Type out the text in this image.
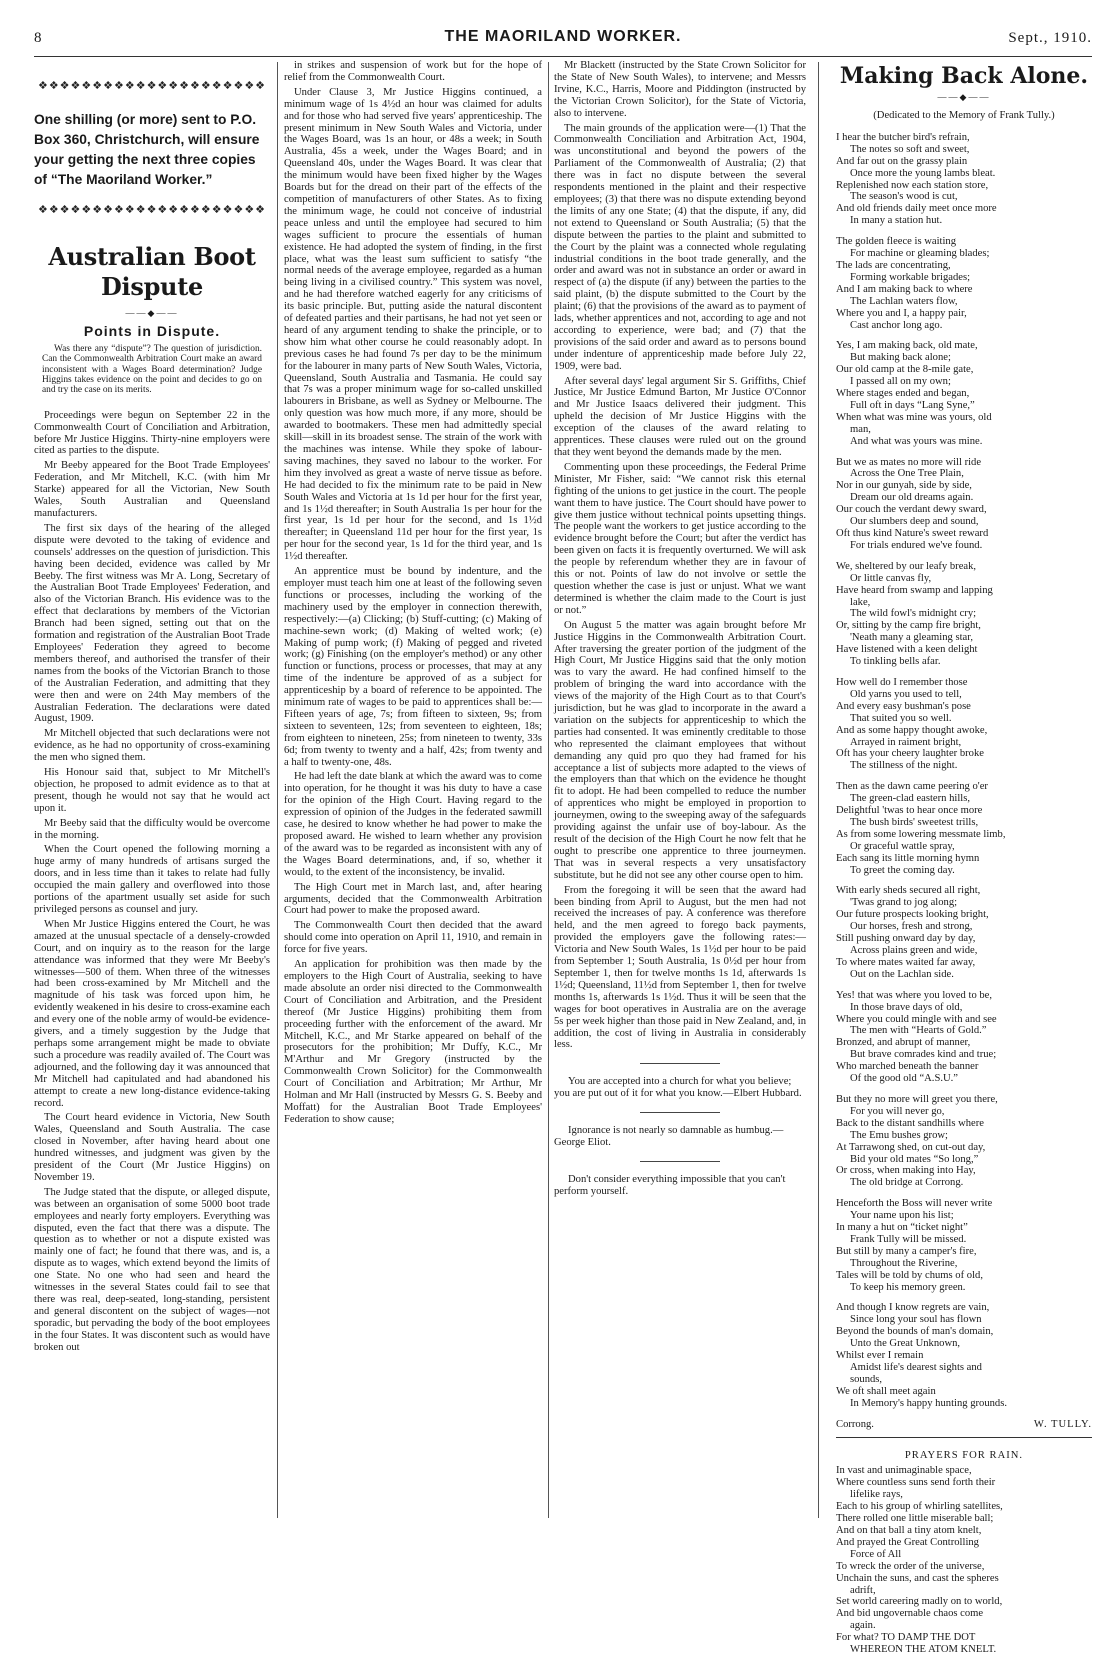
8	THE MAORILAND WORKER.	Sept., 1910.
❖❖❖❖❖❖❖❖❖❖❖❖❖❖❖❖❖❖❖❖❖
One shilling (or more) sent to P.O. Box 360, Christchurch, will ensure your getting the next three copies of “The Maoriland Worker.”
❖❖❖❖❖❖❖❖❖❖❖❖❖❖❖❖❖❖❖❖❖
Australian Boot Dispute
——◆——
Points in Dispute.

Was there any “dispute”? The question of jurisdiction. Can the Commonwealth Arbitration Court make an award inconsistent with a Wages Board determination? Judge Higgins takes evidence on the point and decides to go on and try the case on its merits.

Proceedings were begun on September 22 in the Commonwealth Court of Conciliation and Arbitration, before Mr Justice Higgins. Thirty-nine employers were cited as parties to the dispute.

Mr Beeby appeared for the Boot Trade Employees' Federation, and Mr Mitchell, K.C. (with him Mr Starke) appeared for all the Victorian, New South Wales, South Australian and Queensland manufacturers.

The first six days of the hearing of the alleged dispute were devoted to the taking of evidence and counsels' addresses on the question of jurisdiction. This having been decided, evidence was called by Mr Beeby. The first witness was Mr A. Long, Secretary of the Australian Boot Trade Employees' Federation, and also of the Victorian Branch. His evidence was to the effect that declarations by members of the Victorian Branch had been signed, setting out that on the formation and registration of the Australian Boot Trade Employees' Federation they agreed to become members thereof, and authorised the transfer of their names from the books of the Victorian Branch to those of the Australian Federation, and admitting that they were then and were on 24th May members of the Australian Federation. The declarations were dated August, 1909.

Mr Mitchell objected that such declarations were not evidence, as he had no opportunity of cross-examining the men who signed them.

His Honour said that, subject to Mr Mitchell's objection, he proposed to admit evidence as to that at present, though he would not say that he would act upon it.

Mr Beeby said that the difficulty would be overcome in the morning.

When the Court opened the following morning a huge army of many hundreds of artisans surged the doors, and in less time than it takes to relate had fully occupied the main gallery and overflowed into those portions of the apartment usually set aside for such privileged persons as counsel and jury.

When Mr Justice Higgins entered the Court, he was amazed at the unusual spectacle of a densely-crowded Court, and on inquiry as to the reason for the large attendance was informed that they were Mr Beeby's witnesses—500 of them. When three of the witnesses had been cross-examined by Mr Mitchell and the magnitude of his task was forced upon him, he evidently weakened in his desire to cross-examine each and every one of the noble army of would-be evidence-givers, and a timely suggestion by the Judge that perhaps some arrangement might be made to obviate such a procedure was readily availed of. The Court was adjourned, and the following day it was announced that Mr Mitchell had capitulated and had abandoned his attempt to create a new long-distance evidence-taking record.

The Court heard evidence in Victoria, New South Wales, Queensland and South Australia. The case closed in November, after having heard about one hundred witnesses, and judgment was given by the president of the Court (Mr Justice Higgins) on November 19.

The Judge stated that the dispute, or alleged dispute, was between an organisation of some 5000 boot trade employees and nearly forty employers. Everything was disputed, even the fact that there was a dispute. The question as to whether or not a dispute existed was mainly one of fact; he found that there was, and is, a dispute as to wages, which extend beyond the limits of one State. No one who had seen and heard the witnesses in the several States could fail to see that there was real, deep-seated, long-standing, persistent and general discontent on the subject of wages—not sporadic, but pervading the body of the boot employees in the four States. It was discontent such as would have broken out

in strikes and suspension of work but for the hope of relief from the Commonwealth Court.

Under Clause 3, Mr Justice Higgins continued, a minimum wage of 1s 4½d an hour was claimed for adults and for those who had served five years' apprenticeship. The present minimum in New South Wales and Victoria, under the Wages Board, was 1s an hour, or 48s a week; in South Australia, 45s a week, under the Wages Board; and in Queensland 40s, under the Wages Board. It was clear that the minimum would have been fixed higher by the Wages Boards but for the dread on their part of the effects of the competition of manufacturers of other States. As to fixing the minimum wage, he could not conceive of industrial peace unless and until the employee had secured to him wages sufficient to procure the essentials of human existence. He had adopted the system of finding, in the first place, what was the least sum sufficient to satisfy “the normal needs of the average employee, regarded as a human being living in a civilised country.” This system was novel, and he had therefore watched eagerly for any criticisms of its basic principle. But, putting aside the natural discontent of defeated parties and their partisans, he had not yet seen or heard of any argument tending to shake the principle, or to show him what other course he could reasonably adopt. In previous cases he had found 7s per day to be the minimum for the labourer in many parts of New South Wales, Victoria, Queensland, South Australia and Tasmania. He could say that 7s was a proper minimum wage for so-called unskilled labourers in Brisbane, as well as Sydney or Melbourne. The only question was how much more, if any more, should be awarded to bootmakers. These men had admittedly special skill—skill in its broadest sense. The strain of the work with the machines was intense. While they spoke of labour-saving machines, they saved no labour to the worker. For him they involved as great a waste of nerve tissue as before. He had decided to fix the minimum rate to be paid in New South Wales and Victoria at 1s 1d per hour for the first year, and 1s 1½d thereafter; in South Australia 1s per hour for the first year, 1s 1d per hour for the second, and 1s 1½d thereafter; in Queensland 11d per hour for the first year, 1s per hour for the second year, 1s 1d for the third year, and 1s 1½d thereafter.

An apprentice must be bound by indenture, and the employer must teach him one at least of the following seven functions or processes, including the working of the machinery used by the employer in connection therewith, respectively:—(a) Clicking; (b) Stuff-cutting; (c) Making of machine-sewn work; (d) Making of welted work; (e) Making of pump work; (f) Making of pegged and riveted work; (g) Finishing (on the employer's method) or any other function or functions, process or processes, that may at any time of the indenture be approved of as a subject for apprenticeship by a board of reference to be appointed. The minimum rate of wages to be paid to apprentices shall be:—Fifteen years of age, 7s; from fifteen to sixteen, 9s; from sixteen to seventeen, 12s; from seventeen to eighteen, 18s; from eighteen to nineteen, 25s; from nineteen to twenty, 33s 6d; from twenty to twenty and a half, 42s; from twenty and a half to twenty-one, 48s.

He had left the date blank at which the award was to come into operation, for he thought it was his duty to have a case for the opinion of the High Court. Having regard to the expression of opinion of the Judges in the federated sawmill case, he desired to know whether he had power to make the proposed award. He wished to learn whether any provision of the award was to be regarded as inconsistent with any of the Wages Board determinations, and, if so, whether it would, to the extent of the inconsistency, be invalid.

The High Court met in March last, and, after hearing arguments, decided that the Commonwealth Arbitration Court had power to make the proposed award.

The Commonwealth Court then decided that the award should come into operation on April 11, 1910, and remain in force for five years.

An application for prohibition was then made by the employers to the High Court of Australia, seeking to have made absolute an order nisi directed to the Commonwealth Court of Conciliation and Arbitration, and the President thereof (Mr Justice Higgins) prohibiting them from proceeding further with the enforcement of the award. Mr Mitchell, K.C., and Mr Starke appeared on behalf of the prosecutors for the prohibition; Mr Duffy, K.C., Mr M'Arthur and Mr Gregory (instructed by the Commonwealth Crown Solicitor) for the Commonwealth Court of Conciliation and Arbitration; Mr Arthur, Mr Holman and Mr Hall (instructed by Messrs G. S. Beeby and Moffatt) for the Australian Boot Trade Employees' Federation to show cause;

Mr Blackett (instructed by the State Crown Solicitor for the State of New South Wales), to intervene; and Messrs Irvine, K.C., Harris, Moore and Piddington (instructed by the Victorian Crown Solicitor), for the State of Victoria, also to intervene.

The main grounds of the application were—(1) That the Commonwealth Conciliation and Arbitration Act, 1904, was unconstitutional and beyond the powers of the Parliament of the Commonwealth of Australia; (2) that there was in fact no dispute between the several respondents mentioned in the plaint and their respective employees; (3) that there was no dispute extending beyond the limits of any one State; (4) that the dispute, if any, did not extend to Queensland or South Australia; (5) that the dispute between the parties to the plaint and submitted to the Court by the plaint was a connected whole regulating industrial conditions in the boot trade generally, and the order and award was not in substance an order or award in respect of (a) the dispute (if any) between the parties to the said plaint, (b) the dispute submitted to the Court by the plaint; (6) that the provisions of the award as to payment of lads, whether apprentices and not, according to age and not according to experience, were bad; and (7) that the provisions of the said order and award as to persons bound under indenture of apprenticeship made before July 22, 1909, were bad.

After several days' legal argument Sir S. Griffiths, Chief Justice, Mr Justice Edmund Barton, Mr Justice O'Connor and Mr Justice Isaacs delivered their judgment. This upheld the decision of Mr Justice Higgins with the exception of the clauses of the award relating to apprentices. These clauses were ruled out on the ground that they went beyond the demands made by the men.

Commenting upon these proceedings, the Federal Prime Minister, Mr Fisher, said: “We cannot risk this eternal fighting of the unions to get justice in the court. The people want them to have justice. The Court should have power to give them justice without technical points upsetting things. The people want the workers to get justice according to the evidence brought before the Court; but after the verdict has been given on facts it is frequently overturned. We will ask the people by referendum whether they are in favour of this or not. Points of law do not involve or settle the question whether the case is just or unjust. What we want determined is whether the claim made to the Court is just or not.”

On August 5 the matter was again brought before Mr Justice Higgins in the Commonwealth Arbitration Court. After traversing the greater portion of the judgment of the High Court, Mr Justice Higgins said that the only motion was to vary the award. He had confined himself to the problem of bringing the ward into accordance with the views of the majority of the High Court as to that Court's jurisdiction, but he was glad to incorporate in the award a variation on the subjects for apprenticeship to which the parties had consented. It was eminently creditable to those who represented the claimant employees that without demanding any quid pro quo they had framed for his acceptance a list of subjects more adapted to the views of the employers than that which on the evidence he thought fit to adopt. He had been compelled to reduce the number of apprentices who might be employed in proportion to journeymen, owing to the sweeping away of the safeguards providing against the unfair use of boy-labour. As the result of the decision of the High Court he now felt that he ought to prescribe one apprentice to three journeymen. That was in several respects a very unsatisfactory substitute, but he did not see any other course open to him.

From the foregoing it will be seen that the award had been binding from April to August, but the men had not received the increases of pay. A conference was therefore held, and the men agreed to forego back payments, provided the employers gave the following rates:—Victoria and New South Wales, 1s 1½d per hour to be paid from September 1; South Australia, 1s 0½d per hour from September 1, then for twelve months 1s 1d, afterwards 1s 1½d; Queensland, 11½d from September 1, then for twelve months 1s, afterwards 1s 1½d. Thus it will be seen that the wages for boot operatives in Australia are on the average 5s per week higher than those paid in New Zealand, and, in addition, the cost of living in Australia in considerably less.

You are accepted into a church for what you believe; you are put out of it for what you know.—Elbert Hubbard.

Ignorance is not nearly so damnable as humbug.—George Eliot.

Don't consider everything impossible that you can't perform yourself.

Making Back Alone.
——◆——
(Dedicated to the Memory of Frank Tully.)
I hear the butcher bird's refrain,
The notes so soft and sweet,
And far out on the grassy plain
Once more the young lambs bleat.
Replenished now each station store,
The season's wood is cut,
And old friends daily meet once more
In many a station hut.
The golden fleece is waiting
For machine or gleaming blades;
The lads are concentrating,
Forming workable brigades;
And I am making back to where
The Lachlan waters flow,
Where you and I, a happy pair,
Cast anchor long ago.
Yes, I am making back, old mate,
But making back alone;
Our old camp at the 8-mile gate,
I passed all on my own;
Where stages ended and began,
Full oft in days “Lang Syne,”
When what was mine was yours, old
man,
And what was yours was mine.
But we as mates no more will ride
Across the One Tree Plain,
Nor in our gunyah, side by side,
Dream our old dreams again.
Our couch the verdant dewy sward,
Our slumbers deep and sound,
Oft thus kind Nature's sweet reward
For trials endured we've found.
We, sheltered by our leafy break,
Or little canvas fly,
Have heard from swamp and lapping
lake,
The wild fowl's midnight cry;
Or, sitting by the camp fire bright,
'Neath many a gleaming star,
Have listened with a keen delight
To tinkling bells afar.
How well do I remember those
Old yarns you used to tell,
And every easy bushman's pose
That suited you so well.
And as some happy thought awoke,
Arrayed in raiment bright,
Oft has your cheery laughter broke
The stillness of the night.
Then as the dawn came peering o'er
The green-clad eastern hills,
Delightful 'twas to hear once more
The bush birds' sweetest trills,
As from some lowering messmate limb,
Or graceful wattle spray,
Each sang its little morning hymn
To greet the coming day.
With early sheds secured all right,
'Twas grand to jog along;
Our future prospects looking bright,
Our horses, fresh and strong,
Still pushing onward day by day,
Across plains green and wide,
To where mates waited far away,
Out on the Lachlan side.
Yes! that was where you loved to be,
In those brave days of old,
Where you could mingle with and see
The men with “Hearts of Gold.”
Bronzed, and abrupt of manner,
But brave comrades kind and true;
Who marched beneath the banner
Of the good old “A.S.U.”
But they no more will greet you there,
For you will never go,
Back to the distant sandhills where
The Emu bushes grow;
At Tarrawong shed, on cut-out day,
Bid your old mates “So long,”
Or cross, when making into Hay,
The old bridge at Corrong.
Henceforth the Boss will never write
Your name upon his list;
In many a hut on “ticket night”
Frank Tully will be missed.
But still by many a camper's fire,
Throughout the Riverine,
Tales will be told by chums of old,
To keep his memory green.
And though I know regrets are vain,
Since long your soul has flown
Beyond the bounds of man's domain,
Unto the Great Unknown,
Whilst ever I remain
Amidst life's dearest sights and
sounds,
We oft shall meet again
In Memory's happy hunting grounds.
Corrong.	W. TULLY.
PRAYERS FOR RAIN.
In vast and unimaginable space,
Where countless suns send forth their
lifelike rays,
Each to his group of whirling satellites,
There rolled one little miserable ball;
And on that ball a tiny atom knelt,
And prayed the Great Controlling
Force of All
To wreck the order of the universe,
Unchain the suns, and cast the spheres
adrift,
Set world careering madly on to world,
And bid ungovernable chaos come
again.
For what? TO DAMP THE DOT
WHEREON THE ATOM KNELT.
